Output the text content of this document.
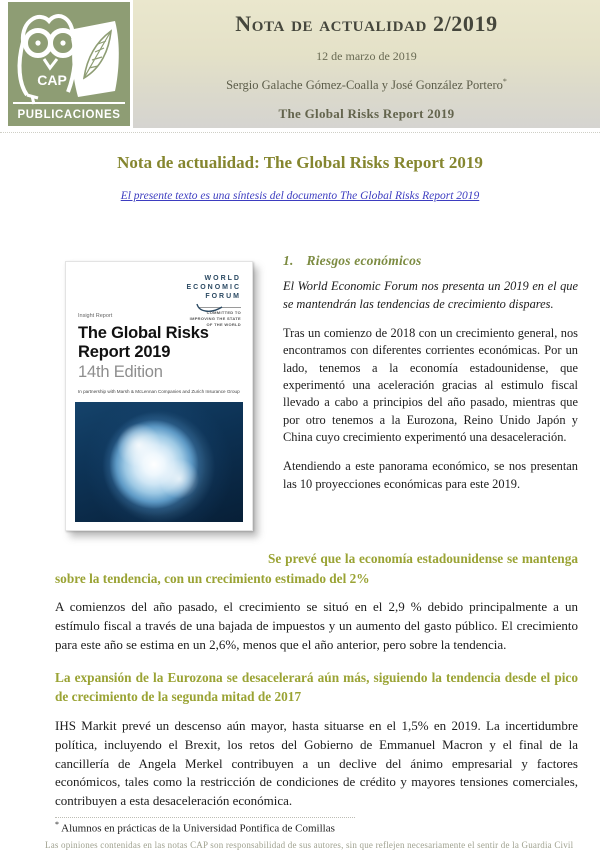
Nota de actualidad 2/2019
12 de marzo de 2019
Sergio Galache Gómez-Coalla y José González Portero*
The Global Risks Report 2019
CAP
PUBLICACIONES
Nota de actualidad: The Global Risks Report 2019
El presente texto es una síntesis del documento The Global Risks Report 2019
WORLD
ECONOMIC
FORUM
COMMITTED TO IMPROVING THE STATE OF THE WORLD
Insight Report
The Global Risks
Report 2019
14th Edition
In partnership with Marsh & McLennan Companies and Zurich Insurance Group
1. Riesgos económicos

El World Economic Forum nos presenta un 2019 en el que se mantendrán las tendencias de crecimiento dispares.

Tras un comienzo de 2018 con un crecimiento general, nos encontramos con diferentes corrientes económicas. Por un lado, tenemos a la economía estadounidense, que experimentó una aceleración gracias al estimulo fiscal llevado a cabo a principios del año pasado, mientras que por otro tenemos a la Eurozona, Reino Unido Japón y China cuyo crecimiento experimentó una desaceleración.

Atendiendo a este panorama económico, se nos presentan las 10 proyecciones económicas para este 2019.

Se prevé que la economía estadounidense se mantenga sobre la tendencia, con un crecimiento estimado del 2%

A comienzos del año pasado, el crecimiento se situó en el 2,9 % debido principalmente a un estímulo fiscal a través de una bajada de impuestos y un aumento del gasto público. El crecimiento para este año se estima en un 2,6%, menos que el año anterior, pero sobre la tendencia.

La expansión de la Eurozona se desacelerará aún más, siguiendo la tendencia desde el pico de crecimiento de la segunda mitad de 2017

IHS Markit prevé un descenso aún mayor, hasta situarse en el 1,5% en 2019. La incertidumbre política, incluyendo el Brexit, los retos del Gobierno de Emmanuel Macron y el final de la cancillería de Angela Merkel contribuyen a un declive del ánimo empresarial y factores económicos, tales como la restricción de condiciones de crédito y mayores tensiones comerciales, contribuyen a esta desaceleración económica.

* Alumnos en prácticas de la Universidad Pontifica de Comillas
Las opiniones contenidas en las notas CAP son responsabilidad de sus autores, sin que reflejen necesariamente el sentir de la Guardia Civil
